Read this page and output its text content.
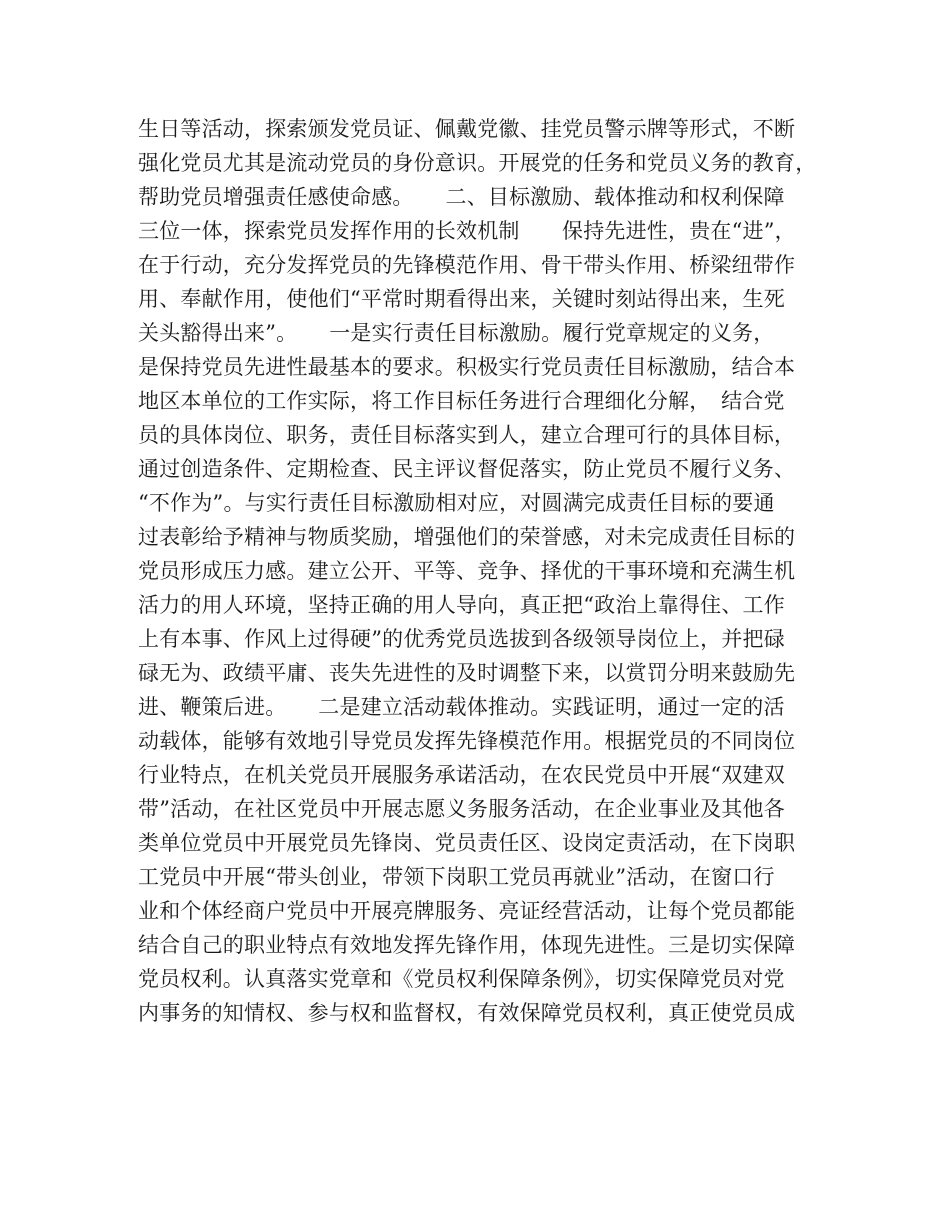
生日等活动，探索颁发党员证、佩戴党徽、挂党员警示牌等形式，不断
强化党员尤其是流动党员的身份意识。开展党的任务和党员义务的教育，
帮助党员增强责任感使命感。　　二、目标激励、载体推动和权利保障
三位一体，探索党员发挥作用的长效机制　　保持先进性，贵在“进”，
在于行动，充分发挥党员的先锋模范作用、骨干带头作用、桥梁纽带作
用、奉献作用，使他们“平常时期看得出来，关键时刻站得出来，生死
关头豁得出来”。　　一是实行责任目标激励。履行党章规定的义务，
是保持党员先进性最基本的要求。积极实行党员责任目标激励，结合本
地区本单位的工作实际，将工作目标任务进行合理细化分解，　结合党
员的具体岗位、职务，责任目标落实到人，建立合理可行的具体目标，
通过创造条件、定期检查、民主评议督促落实，防止党员不履行义务、
“不作为”。与实行责任目标激励相对应，对圆满完成责任目标的要通
过表彰给予精神与物质奖励，增强他们的荣誉感，对未完成责任目标的
党员形成压力感。建立公开、平等、竞争、择优的干事环境和充满生机
活力的用人环境，坚持正确的用人导向，真正把“政治上靠得住、工作
上有本事、作风上过得硬”的优秀党员选拔到各级领导岗位上，并把碌
碌无为、政绩平庸、丧失先进性的及时调整下来，以赏罚分明来鼓励先
进、鞭策后进。　　二是建立活动载体推动。实践证明，通过一定的活
动载体，能够有效地引导党员发挥先锋模范作用。根据党员的不同岗位
行业特点，在机关党员开展服务承诺活动，在农民党员中开展“双建双
带”活动，在社区党员中开展志愿义务服务活动，在企业事业及其他各
类单位党员中开展党员先锋岗、党员责任区、设岗定责活动，在下岗职
工党员中开展“带头创业，带领下岗职工党员再就业”活动，在窗口行
业和个体经商户党员中开展亮牌服务、亮证经营活动，让每个党员都能
结合自己的职业特点有效地发挥先锋作用，体现先进性。三是切实保障
党员权利。认真落实党章和《党员权利保障条例》，切实保障党员对党
内事务的知情权、参与权和监督权，有效保障党员权利，真正使党员成
